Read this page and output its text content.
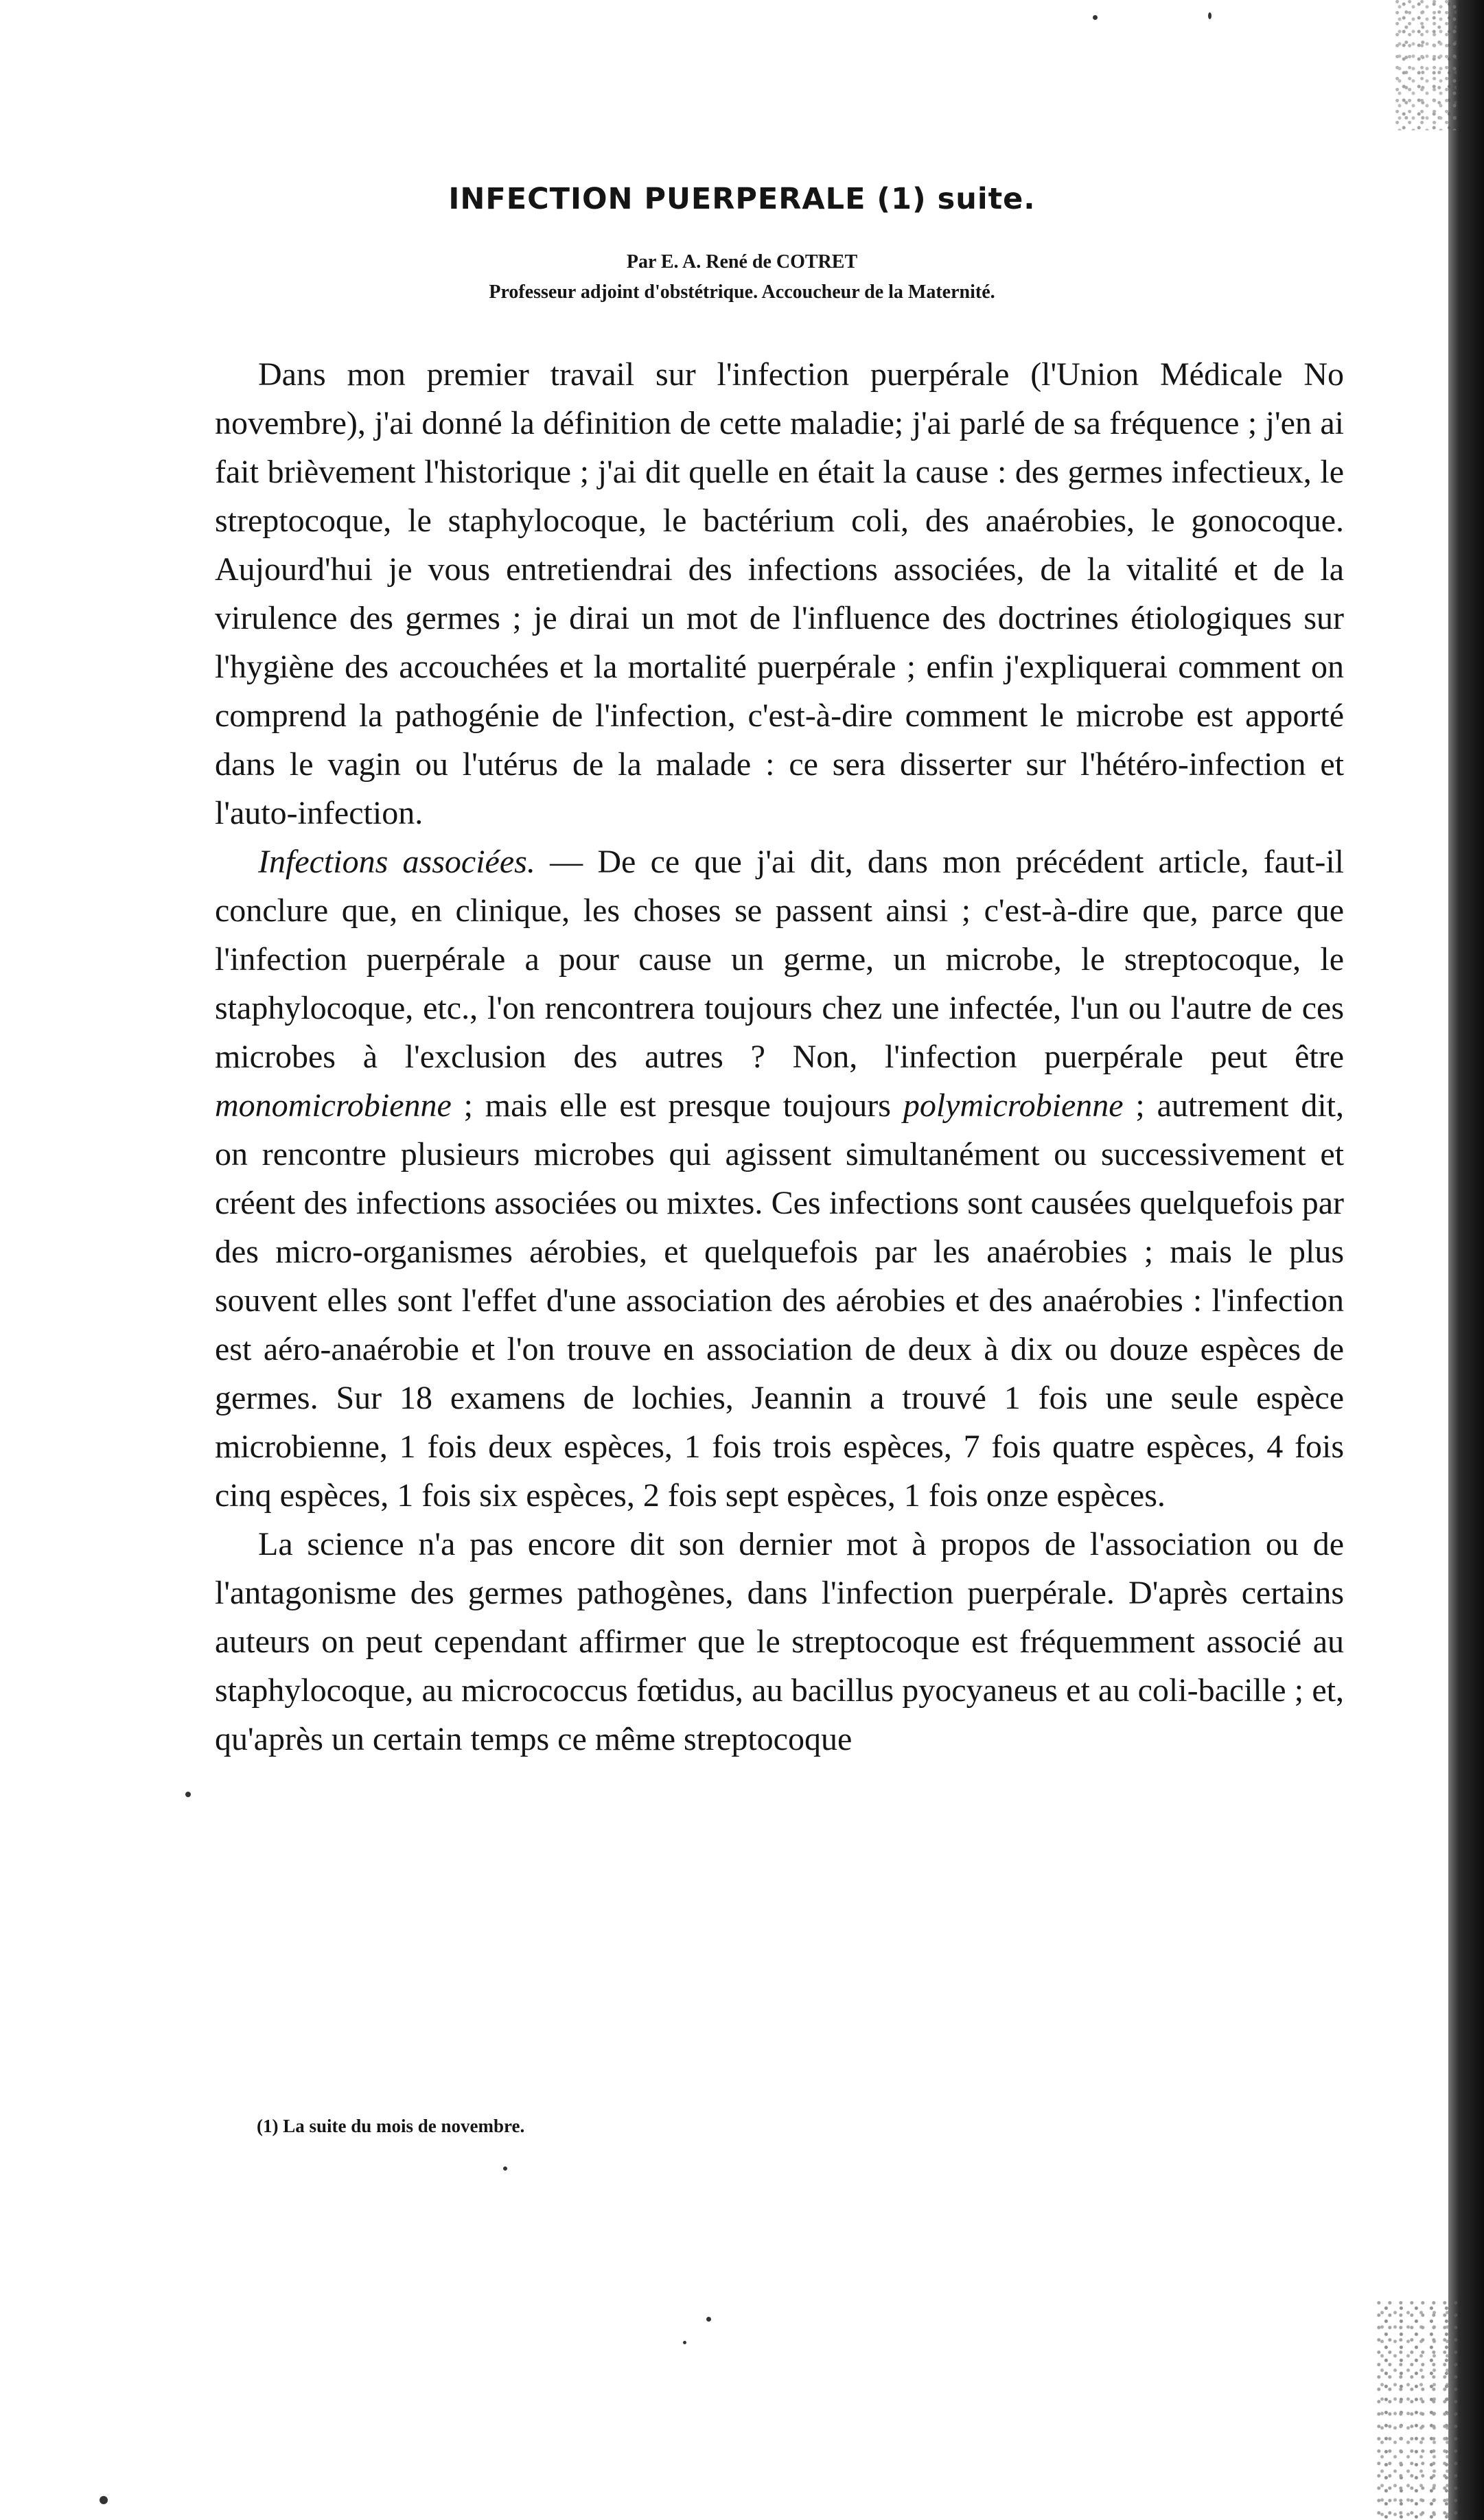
INFECTION PUERPERALE (1) suite.
Par E. A. René de COTRET
Professeur adjoint d'obstétrique. Accoucheur de la Maternité.

Dans mon premier travail sur l'infection puerpérale (l'Union Médicale No novembre), j'ai donné la définition de cette maladie; j'ai parlé de sa fréquence ; j'en ai fait brièvement l'historique ; j'ai dit quelle en était la cause : des germes infectieux, le streptocoque, le staphylocoque, le bactérium coli, des anaérobies, le gonocoque. Aujourd'hui je vous entretiendrai des infections associées, de la vitalité et de la virulence des germes ; je dirai un mot de l'influence des doctrines étiologiques sur l'hygiène des accouchées et la mortalité puerpérale ; enfin j'expliquerai comment on comprend la pathogénie de l'infection, c'est-à-dire comment le microbe est apporté dans le vagin ou l'utérus de la malade : ce sera disserter sur l'hétéro-infection et l'auto-infection.

Infections associées. — De ce que j'ai dit, dans mon précédent article, faut-il conclure que, en clinique, les choses se passent ainsi ; c'est-à-dire que, parce que l'infection puerpérale a pour cause un germe, un microbe, le streptocoque, le staphylocoque, etc., l'on rencontrera toujours chez une infectée, l'un ou l'autre de ces microbes à l'exclusion des autres ? Non, l'infection puerpérale peut être monomicrobienne ; mais elle est presque toujours polymicrobienne ; autrement dit, on rencontre plusieurs microbes qui agissent simultanément ou successivement et créent des infections associées ou mixtes. Ces infections sont causées quelquefois par des micro-organismes aérobies, et quelquefois par les anaérobies ; mais le plus souvent elles sont l'effet d'une association des aérobies et des anaérobies : l'infection est aéro-anaérobie et l'on trouve en association de deux à dix ou douze espèces de germes. Sur 18 examens de lochies, Jeannin a trouvé 1 fois une seule espèce microbienne, 1 fois deux espèces, 1 fois trois espèces, 7 fois quatre espèces, 4 fois cinq espèces, 1 fois six espèces, 2 fois sept espèces, 1 fois onze espèces.

La science n'a pas encore dit son dernier mot à propos de l'association ou de l'antagonisme des germes pathogènes, dans l'infection puerpérale. D'après certains auteurs on peut cependant affirmer que le streptocoque est fréquemment associé au staphylocoque, au micrococcus fœtidus, au bacillus pyocyaneus et au coli-bacille ; et, qu'après un certain temps ce même streptocoque

(1) La suite du mois de novembre.
